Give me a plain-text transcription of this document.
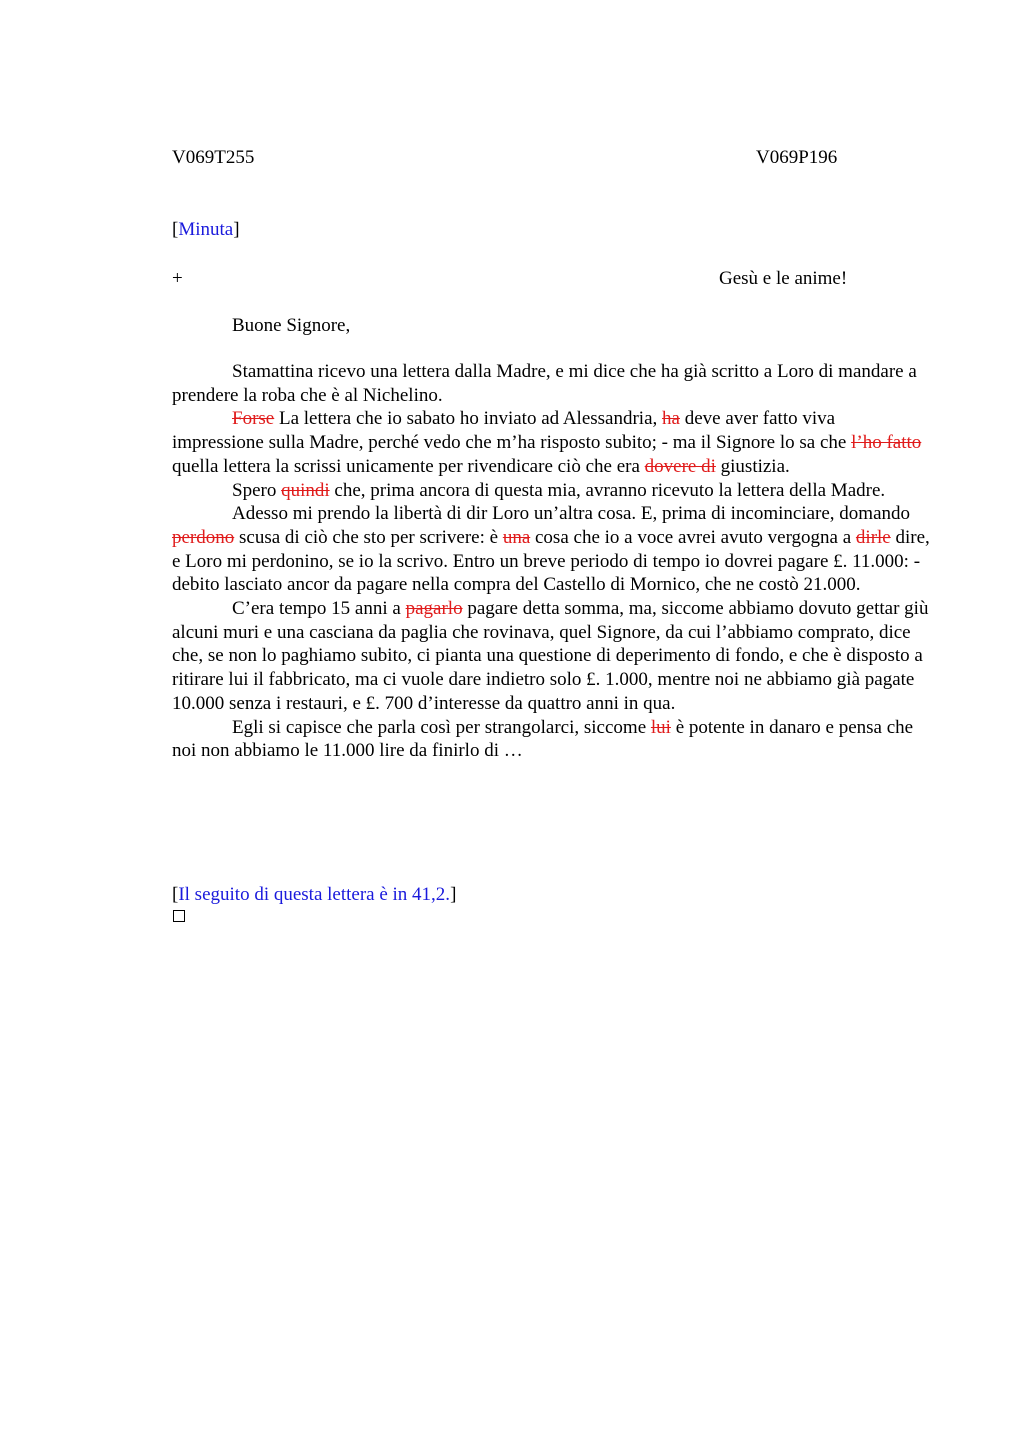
V069T255	V069P196
[Minuta]
+	Gesù e le anime!
Buone Signore,

Stamattina ricevo una lettera dalla Madre, e mi dice che ha già scritto a Loro di mandare a prendere la roba che è al Nichelino.

Forse La lettera che io sabato ho inviato ad Alessandria, ha deve aver fatto viva impressione sulla Madre, perché vedo che m’ha risposto subito; - ma il Signore lo sa che l’ho fatto quella lettera la scrissi unicamente per rivendicare ciò che era dovere di giustizia.

Spero quindi che, prima ancora di questa mia, avranno ricevuto la lettera della Madre.

Adesso mi prendo la libertà di dir Loro un’altra cosa. E, prima di incominciare, domando perdono scusa di ciò che sto per scrivere: è una cosa che io a voce avrei avuto vergogna a dirle dire, e Loro mi perdonino, se io la scrivo. Entro un breve periodo di tempo io dovrei pagare £. 11.000: - debito lasciato ancor da pagare nella compra del Castello di Mornico, che ne costò 21.000.

C’era tempo 15 anni a pagarlo pagare detta somma, ma, siccome abbiamo dovuto gettar giù alcuni muri e una casciana da paglia che rovinava, quel Signore, da cui l’abbiamo comprato, dice che, se non lo paghiamo subito, ci pianta una questione di deperimento di fondo, e che è disposto a ritirare lui il fabbricato, ma ci vuole dare indietro solo £. 1.000, mentre noi ne abbiamo già pagate 10.000 senza i restauri, e £. 700 d’interesse da quattro anni in qua.

Egli si capisce che parla così per strangolarci, siccome lui è potente in danaro e pensa che noi non abbiamo le 11.000 lire da finirlo di …

[Il seguito di questa lettera è in 41,2.]
